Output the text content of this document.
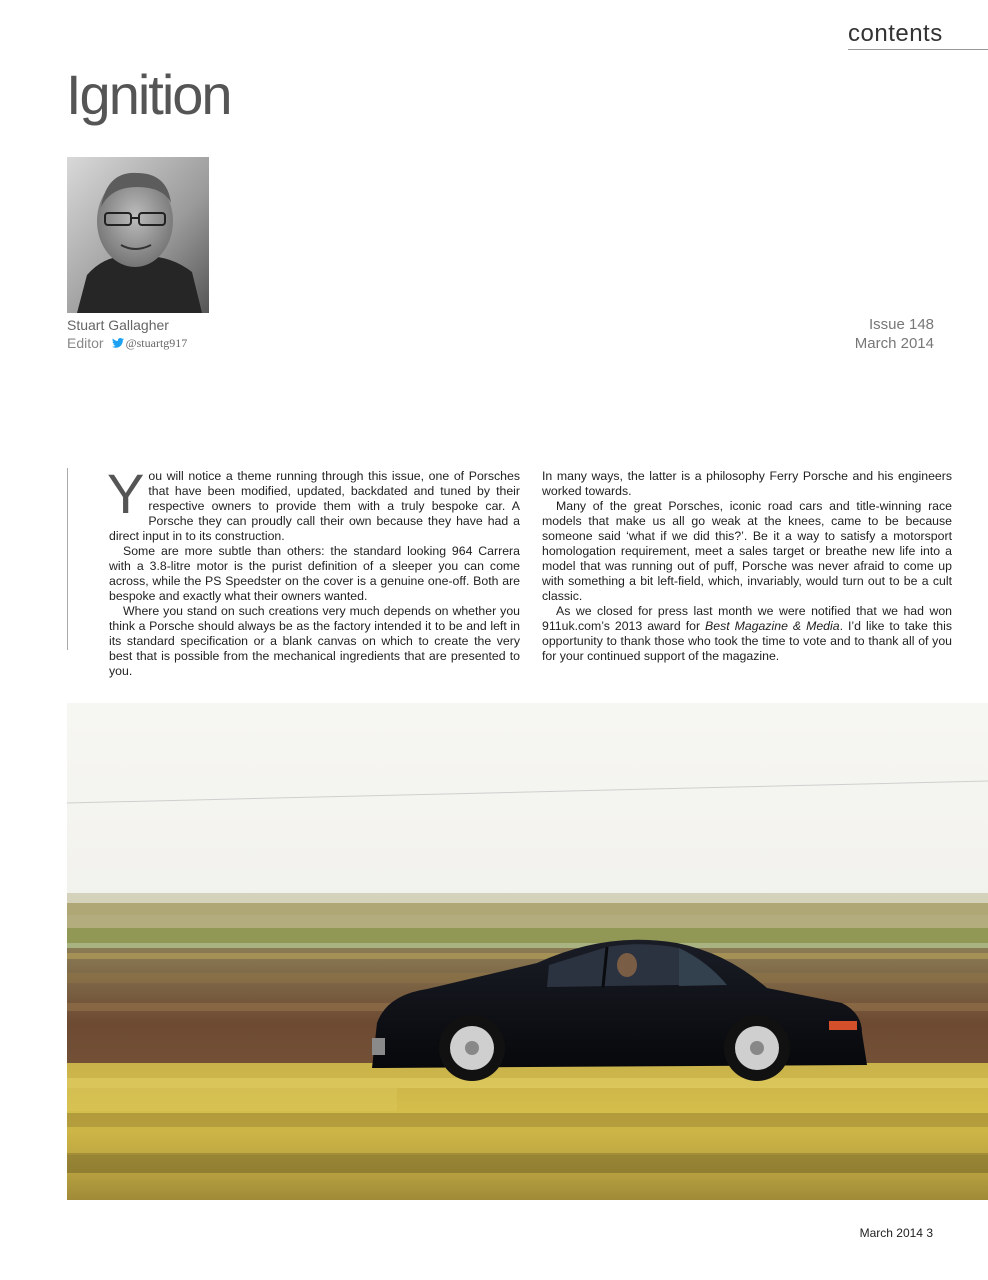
contents
Ignition
Stuart Gallagher
Editor @stuartg917
Issue 148
March 2014

You will notice a theme running through this issue, one of Porsches that have been modified, updated, backdated and tuned by their respective owners to provide them with a truly bespoke car. A Porsche they can proudly call their own because they have had a direct input in to its construction.

Some are more subtle than others: the standard looking 964 Carrera with a 3.8-litre motor is the purist definition of a sleeper you can come across, while the PS Speedster on the cover is a genuine one-off. Both are bespoke and exactly what their owners wanted.

Where you stand on such creations very much depends on whether you think a Porsche should always be as the factory intended it to be and left in its standard specification or a blank canvas on which to create the very best that is possible from the mechanical ingredients that are presented to you.

In many ways, the latter is a philosophy Ferry Porsche and his engineers worked towards.

Many of the great Porsches, iconic road cars and title-winning race models that make us all go weak at the knees, came to be because someone said ‘what if we did this?’. Be it a way to satisfy a motorsport homologation requirement, meet a sales target or breathe new life into a model that was running out of puff, Porsche was never afraid to come up with something a bit left-field, which, invariably, would turn out to be a cult classic.

As we closed for press last month we were notified that we had won 911uk.com’s 2013 award for Best Magazine & Media. I’d like to take this opportunity to thank those who took the time to vote and to thank all of you for your continued support of the magazine.

March 2014 3
